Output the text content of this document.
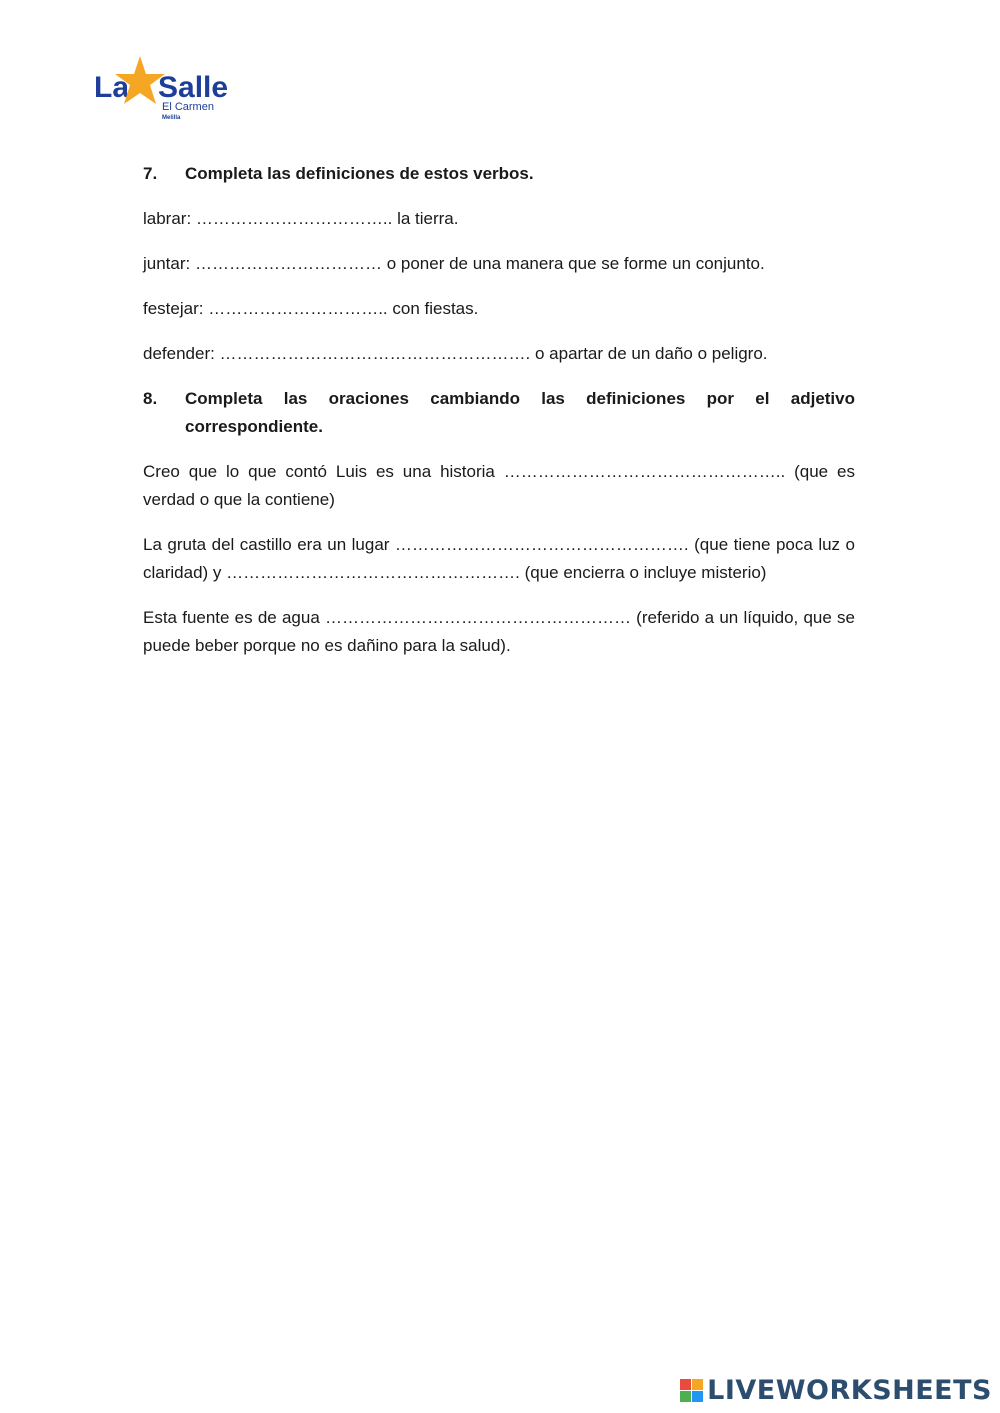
La Salle
El Carmen
Melilla
7.	Completa las definiciones de estos verbos.
labrar: …………………………….. la tierra.
juntar: …………………………… o poner de una manera que se forme un conjunto.
festejar: ………………………….. con fiestas.
defender: ………………………………………………. o apartar de un daño o peligro.
8.	Completa las oraciones cambiando las definiciones por el adjetivo correspondiente.
Creo que lo que contó Luis es una historia ………………………………………….. (que es verdad o que la contiene)
La gruta del castillo era un lugar ……………………………………………. (que tiene poca luz o claridad) y ……………………………………………. (que encierra o incluye misterio)
Esta fuente es de agua ……………………………………………… (referido a un líquido, que se puede beber porque no es dañino para la salud).
LIVEWORKSHEETS
